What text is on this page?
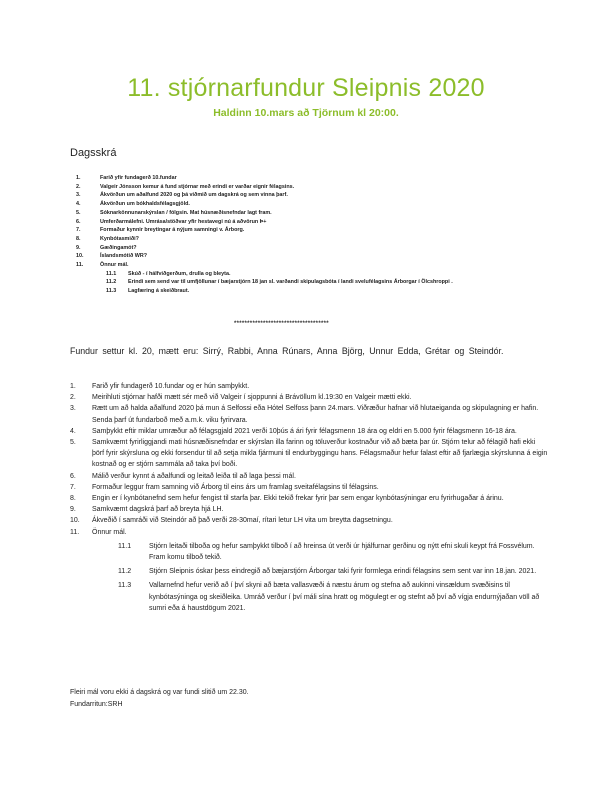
11. stjórnarfundur Sleipnis 2020
Haldinn 10.mars að Tjörnum kl 20:00.
Dagsskrá
1.	Farið yfir fundagerð 10.fundar
2.	Valgeir Jónsson kemur á fund stjórnar með erindi er varðar eignir félagsins.
3.	Ákvörðun um aðalfund 2020 og þá viðmið um dagskrá og sem vinna þarf.
4.	Ákvörðun um bókhaldsfélagsgjöld.
5.	Sóknarkönnunarskýrslan / fólgsin. Mat húsnæðisnefndar lagt fram.
6.	Umferðarmálefni. Umrása/stöðvar yfir hestavegi nú á aðvörun Þ+
7.	Formaður kynnir breytingar á nýjum samningi v. Árborg.
8.	Kynbótasmiði?
9.	Gæðingamót?
10.	Íslandsmótið WR?
11.	Önnur mál.
11.1	Skúð - í hálfviðgerðum, drulla og bleyta.
11.2	Erindi sem send var til umfjöllunar í bæjarstjórn 18 jan sl. varðandi skipulagsbóta í landi svelufélagsins Árborgar í Ölcshroppi .
11.3	Lagfæring á skeiðbraut.
************************************
Fundur settur kl. 20, mætt eru: Sirrý, Rabbi, Anna Rúnars, Anna Björg, Unnur Edda, Grétar og Steindór.
1.	Farið yfir fundagerð 10.fundar og er hún samþykkt.
2.	Meirihluti stjórnar hafði mætt sér með við Valgeir í sjoppunni á Brávöllum kl.19:30 en Valgeir mætti ekki.
3.	Rætt um að halda aðalfund 2020 þá mun á Selfossi eða Hótel Selfoss þann 24.mars. Viðræður hafnar við hlutaeiganda og skipulagning er hafin. Senda þarf út fundarboð með a.m.k. viku fyrirvara.
4.	Samþykkt eftir miklar umræður að félagsgjald 2021 verði 10þús á ári fyrir félagsmenn 18 ára og eldri en 5.000 fyrir félagsmenn 16-18 ára.
5.	Samkvæmt fyrirliggjandi mati húsnæðisnefndar er skýrslan illa farinn og töluverður kostnaður við að bæta þar úr. Stjórn telur að félagið hafi ekki þörf fyrir skýrsluna og ekki forsendur til að setja mikla fjármuni til endurbyggingu hans. Félagsmaður hefur falast eftir að fjarlægja skýrslunna á eigin kostnað og er stjórn sammála að taka því boði.
6.	Málið verður kynnt á aðalfundi og leitað leiða til að laga þessi mál.
7.	Formaður leggur fram samning við Árborg til eins árs um framlag sveitafélagsins til félagsins.
8.	Engin er í kynbótanefnd sem hefur fengist til starfa þar. Ekki tekið frekar fyrir þar sem engar kynbótasýningar eru fyrirhugaðar á árinu.
9.	Samkvæmt dagskrá þarf að breyta hjá LH.
10.	Ákveðið í samráði við Steindór að það verði 28-30maí, rítari letur LH vita um breytta dagsetningu.
11.	Önnur mál.
11.1	Stjórn leitaði tilboða og hefur samþykkt tilboð í að hreinsa út verði úr hjálfurnar gerðinu og nýtt efni skuli keypt frá Fossvélum. Fram komu tilboð tekið.
11.2	Stjórn Sleipnis óskar þess eindregið að bæjarstjórn Árborgar taki fyrir formlega erindi félagsins sem sent var inn 18.jan. 2021.
11.3	Vallarnefnd hefur verið að í því skyni að bæta vallasvæði á næstu árum og stefna að aukinni vinsældum svæðisins til kynbótasýninga og skeiðleika. Umráð verður í því máli sína hratt og mögulegt er og stefnt að því að vígja endurnýjaðan völl að sumri eða á haustdögum 2021.
Fleiri mál voru ekki á dagskrá og var fundi slitið um 22.30.
Fundarritun:SRH
